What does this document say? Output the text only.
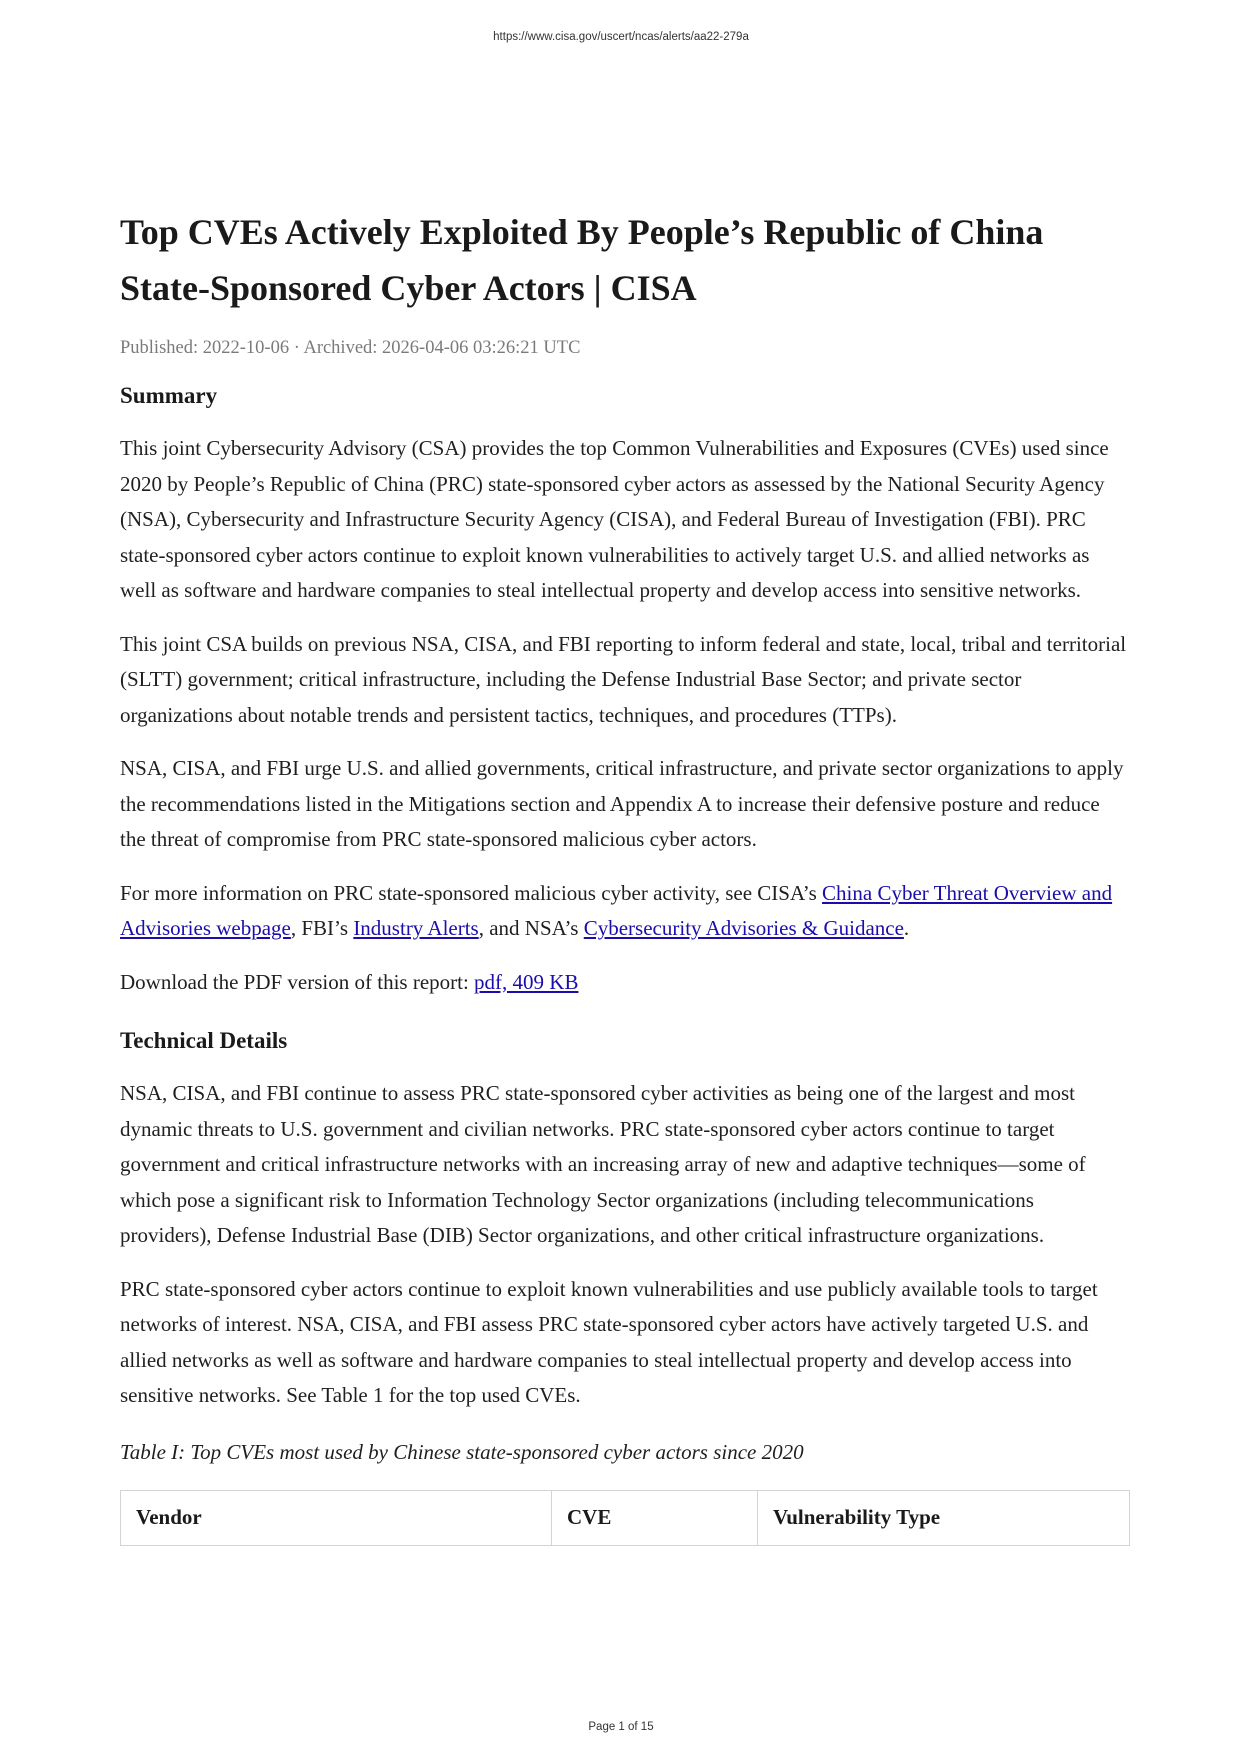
https://www.cisa.gov/uscert/ncas/alerts/aa22-279a
Top CVEs Actively Exploited By People’s Republic of China State-Sponsored Cyber Actors | CISA
Published: 2022-10-06 · Archived: 2026-04-06 03:26:21 UTC
Summary

This joint Cybersecurity Advisory (CSA) provides the top Common Vulnerabilities and Exposures (CVEs) used since 2020 by People’s Republic of China (PRC) state-sponsored cyber actors as assessed by the National Security Agency (NSA), Cybersecurity and Infrastructure Security Agency (CISA), and Federal Bureau of Investigation (FBI). PRC state-sponsored cyber actors continue to exploit known vulnerabilities to actively target U.S. and allied networks as well as software and hardware companies to steal intellectual property and develop access into sensitive networks.

This joint CSA builds on previous NSA, CISA, and FBI reporting to inform federal and state, local, tribal and territorial (SLTT) government; critical infrastructure, including the Defense Industrial Base Sector; and private sector organizations about notable trends and persistent tactics, techniques, and procedures (TTPs).

NSA, CISA, and FBI urge U.S. and allied governments, critical infrastructure, and private sector organizations to apply the recommendations listed in the Mitigations section and Appendix A to increase their defensive posture and reduce the threat of compromise from PRC state-sponsored malicious cyber actors.

For more information on PRC state-sponsored malicious cyber activity, see CISA’s China Cyber Threat Overview and Advisories webpage, FBI’s Industry Alerts, and NSA’s Cybersecurity Advisories & Guidance.

Download the PDF version of this report: pdf, 409 KB

Technical Details

NSA, CISA, and FBI continue to assess PRC state-sponsored cyber activities as being one of the largest and most dynamic threats to U.S. government and civilian networks. PRC state-sponsored cyber actors continue to target government and critical infrastructure networks with an increasing array of new and adaptive techniques—some of which pose a significant risk to Information Technology Sector organizations (including telecommunications providers), Defense Industrial Base (DIB) Sector organizations, and other critical infrastructure organizations.

PRC state-sponsored cyber actors continue to exploit known vulnerabilities and use publicly available tools to target networks of interest. NSA, CISA, and FBI assess PRC state-sponsored cyber actors have actively targeted U.S. and allied networks as well as software and hardware companies to steal intellectual property and develop access into sensitive networks. See Table 1 for the top used CVEs.

Table I: Top CVEs most used by Chinese state-sponsored cyber actors since 2020
Vendor	CVE	Vulnerability Type
Page 1 of 15
